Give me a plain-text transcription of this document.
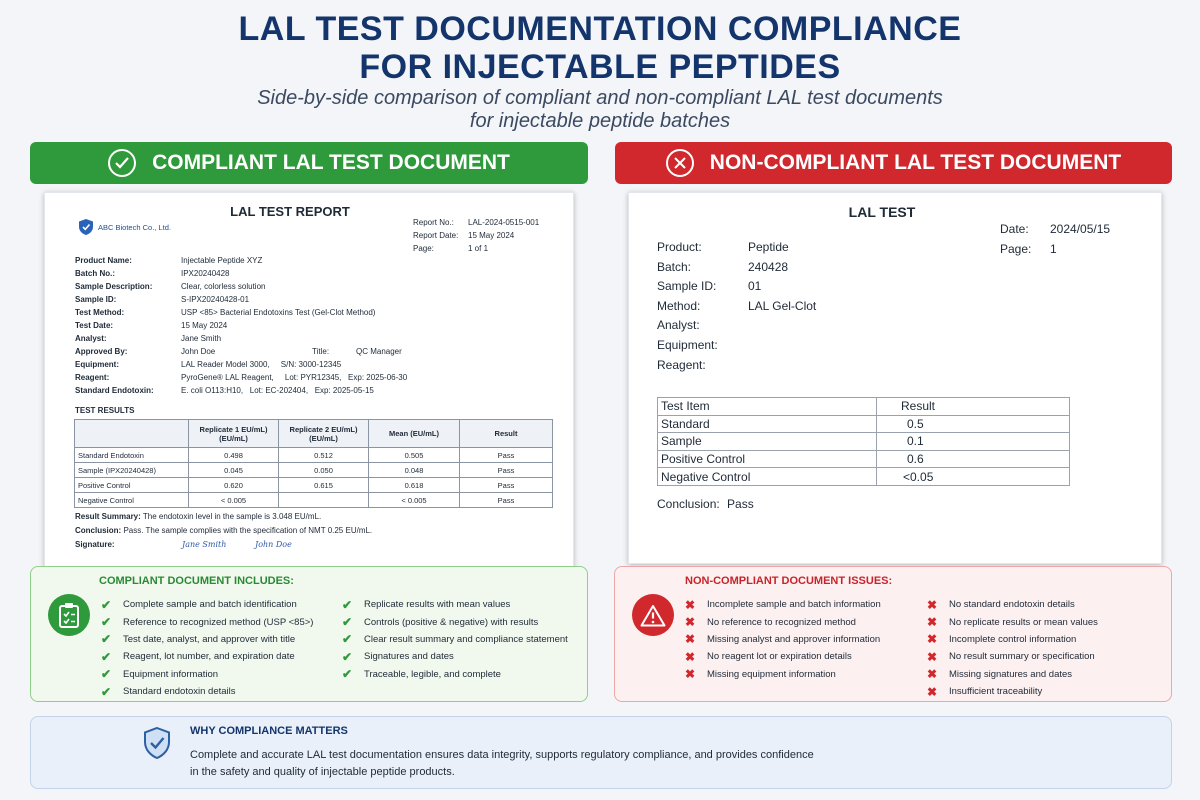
LAL TEST DOCUMENTATION COMPLIANCE
FOR INJECTABLE PEPTIDES
Side-by-side comparison of compliant and non-compliant LAL test documents
for injectable peptide batches
COMPLIANT LAL TEST DOCUMENT	NON-COMPLIANT LAL TEST DOCUMENT
LAL TEST REPORT
ABC Biotech Co., Ltd.	Report No.:	LAL-2024-0515-001
Report Date:	15 May 2024
Page:	1 of 1
Product Name:	Injectable Peptide XYZ
Batch No.:	IPX20240428
Sample Description:	Clear, colorless solution
Sample ID:	S-IPX20240428-01
Test Method:	USP <85> Bacterial Endotoxins Test (Gel-Clot Method)
Test Date:	15 May 2024
Analyst:	Jane Smith
Approved By:	John Doe	Title:	QC Manager
Equipment:	LAL Reader Model 3000,     S/N: 3000-12345
Reagent:	PyroGene® LAL Reagent,     Lot: PYR12345,   Exp: 2025-06-30
Standard Endotoxin:	E. coli O113:H10,   Lot: EC-202404,   Exp: 2025-05-15
TEST RESULTS
	Replicate 1 EU/mL) (EU/mL)	Replicate 2 EU/mL) (EU/mL)	Mean (EU/mL)	Result
Standard Endotoxin	0.498	0.512	0.505	Pass
Sample (IPX20240428)	0.045	0.050	0.048	Pass
Positive Control	0.620	0.615	0.618	Pass
Negative Control	< 0.005		< 0.005	Pass
Result Summary: The endotoxin level in the sample is 3.048 EU/mL.
Conclusion: Pass. The sample complies with the specification of NMT 0.25 EU/mL.
Signature:	Jane Smith	John Doe
LAL TEST
Date:	2024/05/15
Page:	1
Product:	Peptide
Batch:	240428
Sample ID:	01
Method:	LAL Gel-Clot
Analyst:
Equipment:
Reagent:
Test Item	Result
Standard	0.5
Sample	0.1
Positive Control	0.6
Negative Control	<0.05
Conclusion: Pass
COMPLIANT DOCUMENT INCLUDES:
✔ Complete sample and batch identification
✔ Reference to recognized method (USP <85>)
✔ Test date, analyst, and approver with title
✔ Reagent, lot number, and expiration date
✔ Equipment information
✔ Standard endotoxin details
✔ Replicate results with mean values
✔ Controls (positive & negative) with results
✔ Clear result summary and compliance statement
✔ Signatures and dates
✔ Traceable, legible, and complete
NON-COMPLIANT DOCUMENT ISSUES:
✖ Incomplete sample and batch information
✖ No reference to recognized method
✖ Missing analyst and approver information
✖ No reagent lot or expiration details
✖ Missing equipment information
✖ No standard endotoxin details
✖ No replicate results or mean values
✖ Incomplete control information
✖ No result summary or specification
✖ Missing signatures and dates
✖ Insufficient traceability
WHY COMPLIANCE MATTERS
Complete and accurate LAL test documentation ensures data integrity, supports regulatory compliance, and provides confidence
in the safety and quality of injectable peptide products.
